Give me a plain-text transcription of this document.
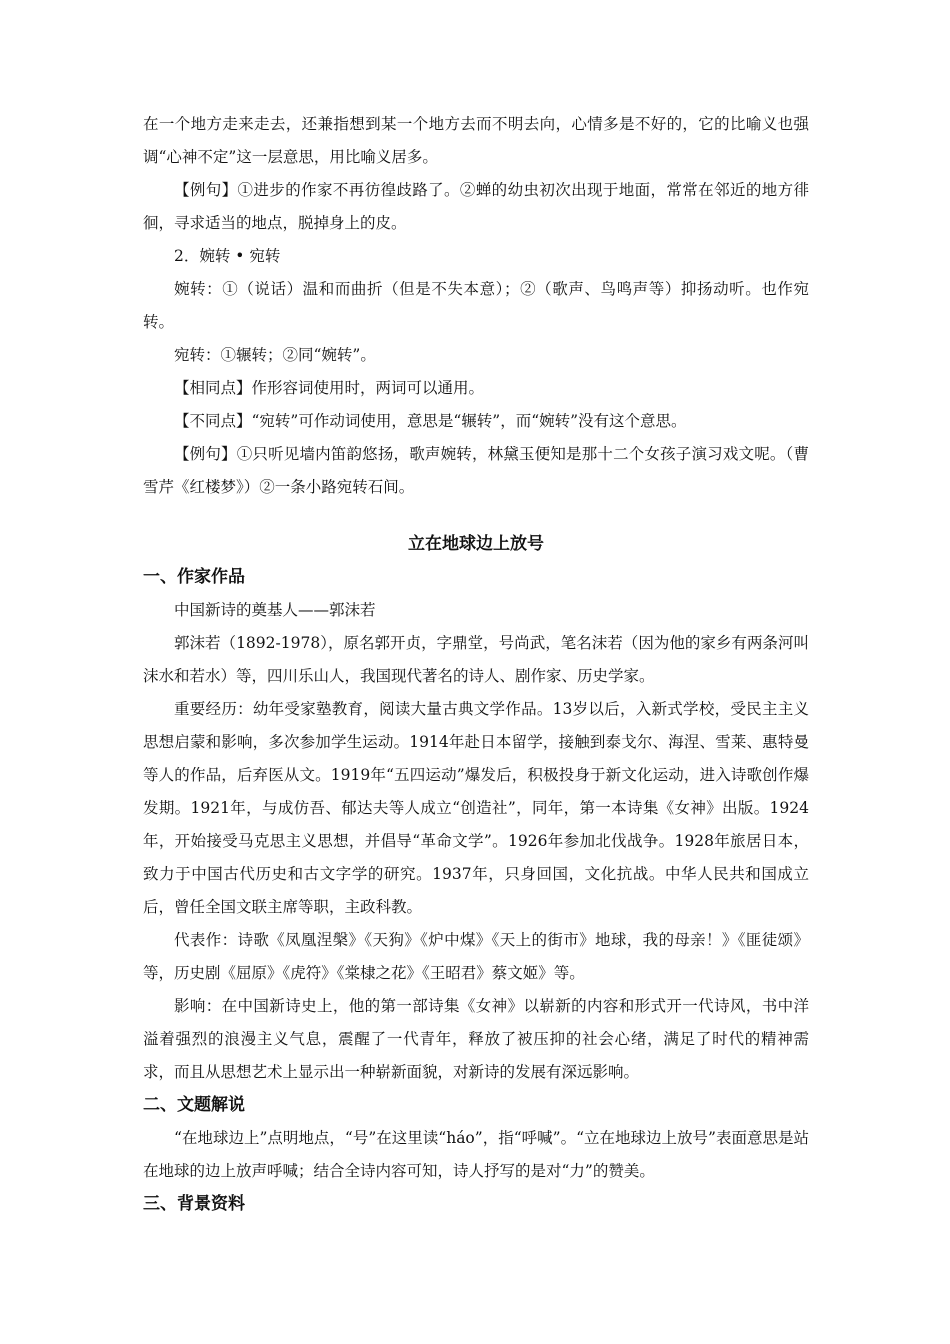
在一个地方走来走去，还兼指想到某一个地方去而不明去向，心情多是不好的，它的比喻义也强调“心神不定”这一层意思，用比喻义居多。

【例句】①进步的作家不再彷徨歧路了。②蝉的幼虫初次出现于地面，常常在邻近的地方徘徊，寻求适当的地点，脱掉身上的皮。

2．婉转 • 宛转

婉转：①（说话）温和而曲折（但是不失本意）；②（歌声、鸟鸣声等）抑扬动听。也作宛转。

宛转：①辗转；②同“婉转”。

【相同点】作形容词使用时，两词可以通用。

【不同点】“宛转”可作动词使用，意思是“辗转”，而“婉转”没有这个意思。

【例句】①只听见墙内笛韵悠扬，歌声婉转，林黛玉便知是那十二个女孩子演习戏文呢。（曹雪芹《红楼梦》）②一条小路宛转石间。

立在地球边上放号
一、作家作品

中国新诗的奠基人——郭沫若

郭沫若（1892-1978），原名郭开贞，字鼎堂，号尚武，笔名沫若（因为他的家乡有两条河叫沫水和若水）等，四川乐山人，我国现代著名的诗人、剧作家、历史学家。

重要经历：幼年受家塾教育，阅读大量古典文学作品。13岁以后，入新式学校，受民主主义思想启蒙和影响，多次参加学生运动。1914年赴日本留学，接触到泰戈尔、海涅、雪莱、惠特曼等人的作品，后弃医从文。1919年“五四运动”爆发后，积极投身于新文化运动，进入诗歌创作爆发期。1921年，与成仿吾、郁达夫等人成立“创造社”，同年，第一本诗集《女神》出版。1924年，开始接受马克思主义思想，并倡导“革命文学”。1926年参加北伐战争。1928年旅居日本，致力于中国古代历史和古文字学的研究。1937年，只身回国，文化抗战。中华人民共和国成立后，曾任全国文联主席等职，主政科教。

代表作：诗歌《凤凰涅槃》《天狗》《炉中煤》《天上的街市》地球，我的母亲！》《匪徒颂》等，历史剧《屈原》《虎符》《棠棣之花》《王昭君》蔡文姬》等。

影响：在中国新诗史上，他的第一部诗集《女神》以崭新的内容和形式开一代诗风，书中洋溢着强烈的浪漫主义气息，震醒了一代青年，释放了被压抑的社会心绪，满足了时代的精神需求，而且从思想艺术上显示出一种崭新面貌，对新诗的发展有深远影响。

二、文题解说

“在地球边上”点明地点，“号”在这里读“háo”，指“呼喊”。“立在地球边上放号”表面意思是站在地球的边上放声呼喊；结合全诗内容可知，诗人抒写的是对“力”的赞美。

三、背景资料
